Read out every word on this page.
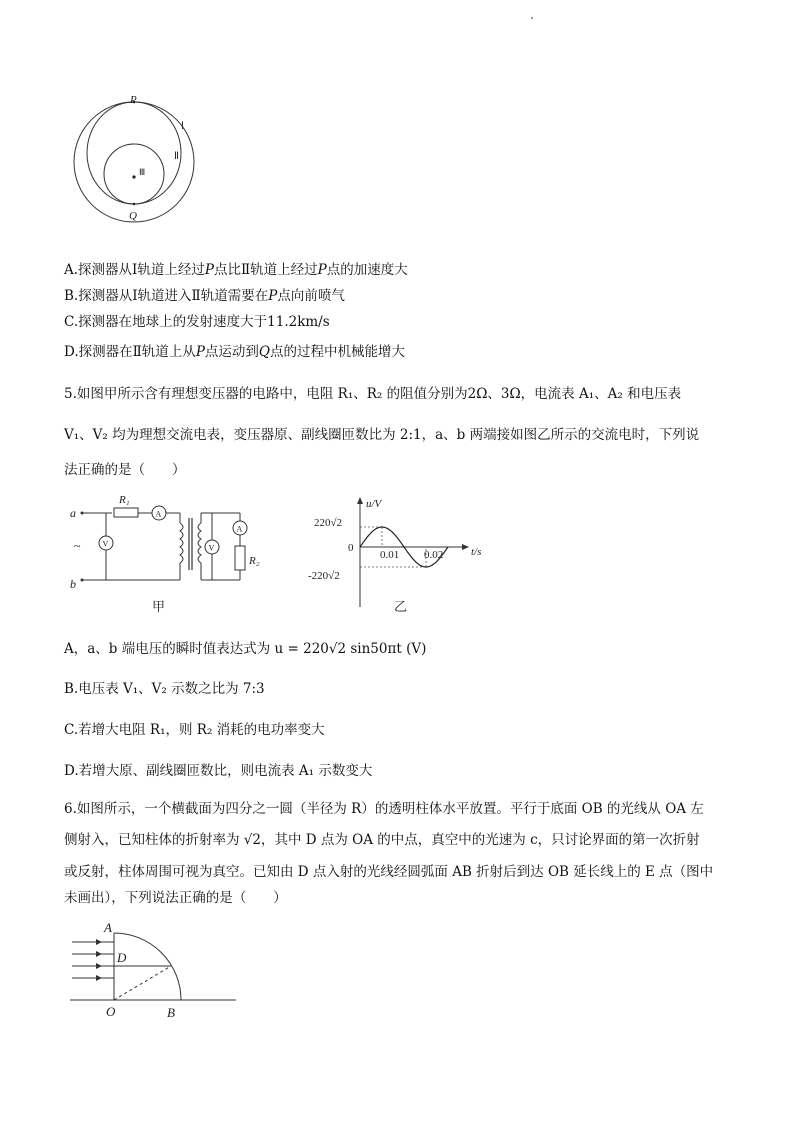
P
Q
Ⅰ
Ⅱ
Ⅲ
A.探测器从Ⅰ轨道上经过P点比Ⅱ轨道上经过P点的加速度大
B.探测器从Ⅰ轨道进入Ⅱ轨道需要在P点向前喷气
C.探测器在地球上的发射速度大于11.2km/s
D.探测器在Ⅱ轨道上从P点运动到Q点的过程中机械能增大
5.如图甲所示含有理想变压器的电路中，电阻 R₁、R₂ 的阻值分别为2Ω、3Ω，电流表 A₁、A₂ 和电压表
V₁、V₂ 均为理想交流电表，变压器原、副线圈匝数比为 2:1，a、b 两端接如图乙所示的交流电时，下列说
法正确的是（　　）
V
A
V
A
a
b
~
R₁
R₂
甲
u/V
t/s
220√2
-220√2
0
0.01 0.02
乙
A，a、b 端电压的瞬时值表达式为 u = 220√2 sin50πt (V)
B.电压表 V₁、V₂ 示数之比为 7:3
C.若增大电阻 R₁，则 R₂ 消耗的电功率变大
D.若增大原、副线圈匝数比，则电流表 A₁ 示数变大
6.如图所示，一个横截面为四分之一圆（半径为 R）的透明柱体水平放置。平行于底面 OB 的光线从 OA 左
侧射入，已知柱体的折射率为 √2，其中 D 点为 OA 的中点，真空中的光速为 c，只讨论界面的第一次折射
或反射，柱体周围可视为真空。已知由 D 点入射的光线经圆弧面 AB 折射后到达 OB 延长线上的 E 点（图中
未画出），下列说法正确的是（　　）
A
D
O	B
